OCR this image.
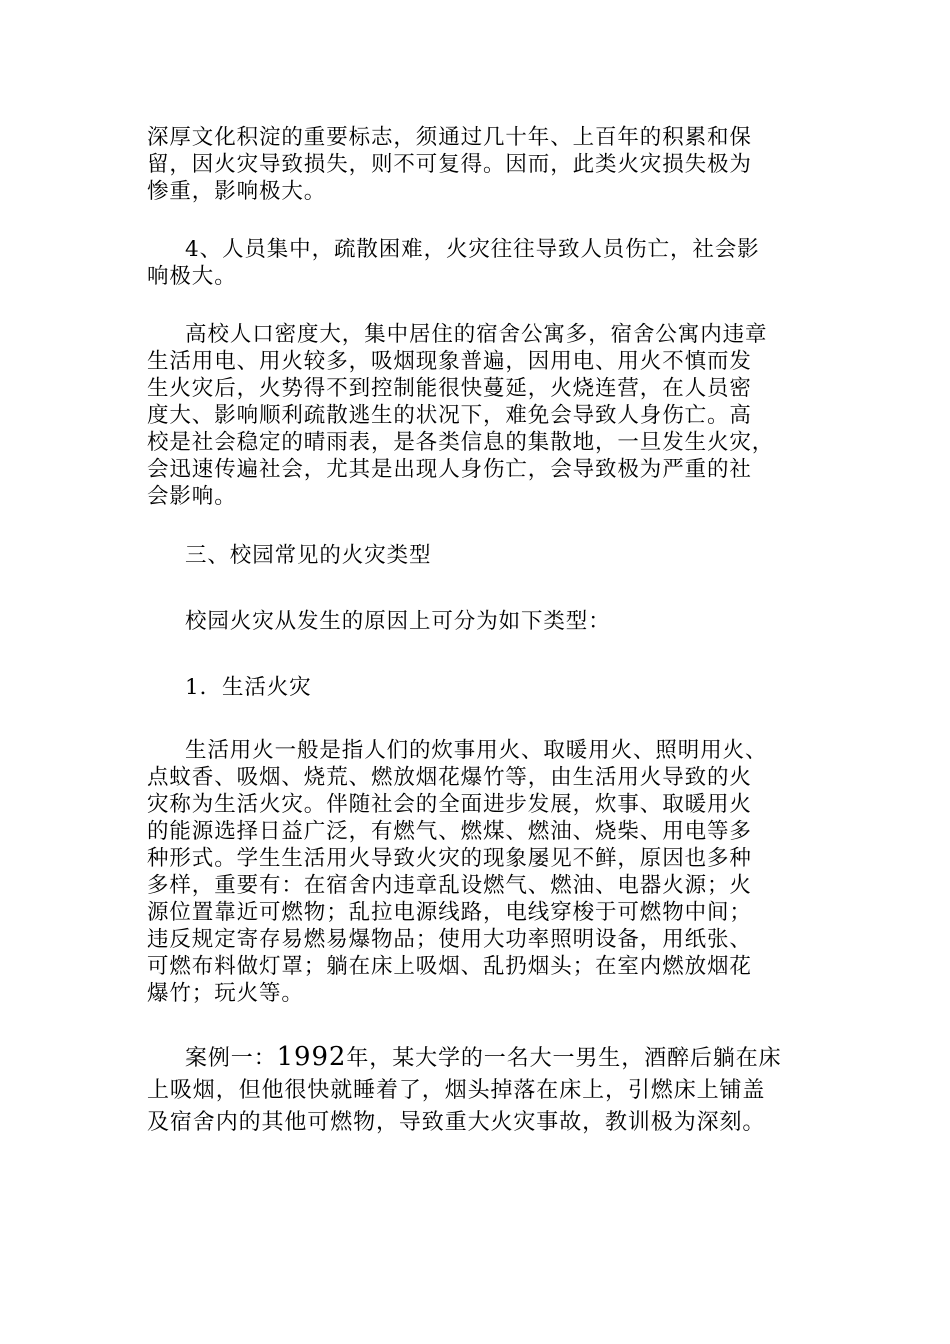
深厚文化积淀的重要标志，须通过几十年、上百年的积累和保
留，因火灾导致损失，则不可复得。因而，此类火灾损失极为
惨重，影响极大。

4、人员集中，疏散困难，火灾往往导致人员伤亡，社会影
响极大。

高校人口密度大，集中居住的宿舍公寓多，宿舍公寓内违章
生活用电、用火较多，吸烟现象普遍，因用电、用火不慎而发
生火灾后，火势得不到控制能很快蔓延，火烧连营，在人员密
度大、影响顺利疏散逃生的状况下，难免会导致人身伤亡。高
校是社会稳定的晴雨表，是各类信息的集散地，一旦发生火灾，
会迅速传遍社会，尤其是出现人身伤亡，会导致极为严重的社
会影响。

三、校园常见的火灾类型

校园火灾从发生的原因上可分为如下类型：

1．生活火灾

生活用火一般是指人们的炊事用火、取暖用火、照明用火、
点蚊香、吸烟、烧荒、燃放烟花爆竹等，由生活用火导致的火
灾称为生活火灾。伴随社会的全面进步发展，炊事、取暖用火
的能源选择日益广泛，有燃气、燃煤、燃油、烧柴、用电等多
种形式。学生生活用火导致火灾的现象屡见不鲜，原因也多种
多样，重要有：在宿舍内违章乱设燃气、燃油、电器火源；火
源位置靠近可燃物；乱拉电源线路，电线穿梭于可燃物中间；
违反规定寄存易燃易爆物品；使用大功率照明设备，用纸张、
可燃布料做灯罩；躺在床上吸烟、乱扔烟头；在室内燃放烟花
爆竹；玩火等。

案例一：1992年，某大学的一名大一男生，酒醉后躺在床
上吸烟，但他很快就睡着了，烟头掉落在床上，引燃床上铺盖
及宿舍内的其他可燃物，导致重大火灾事故，教训极为深刻。
